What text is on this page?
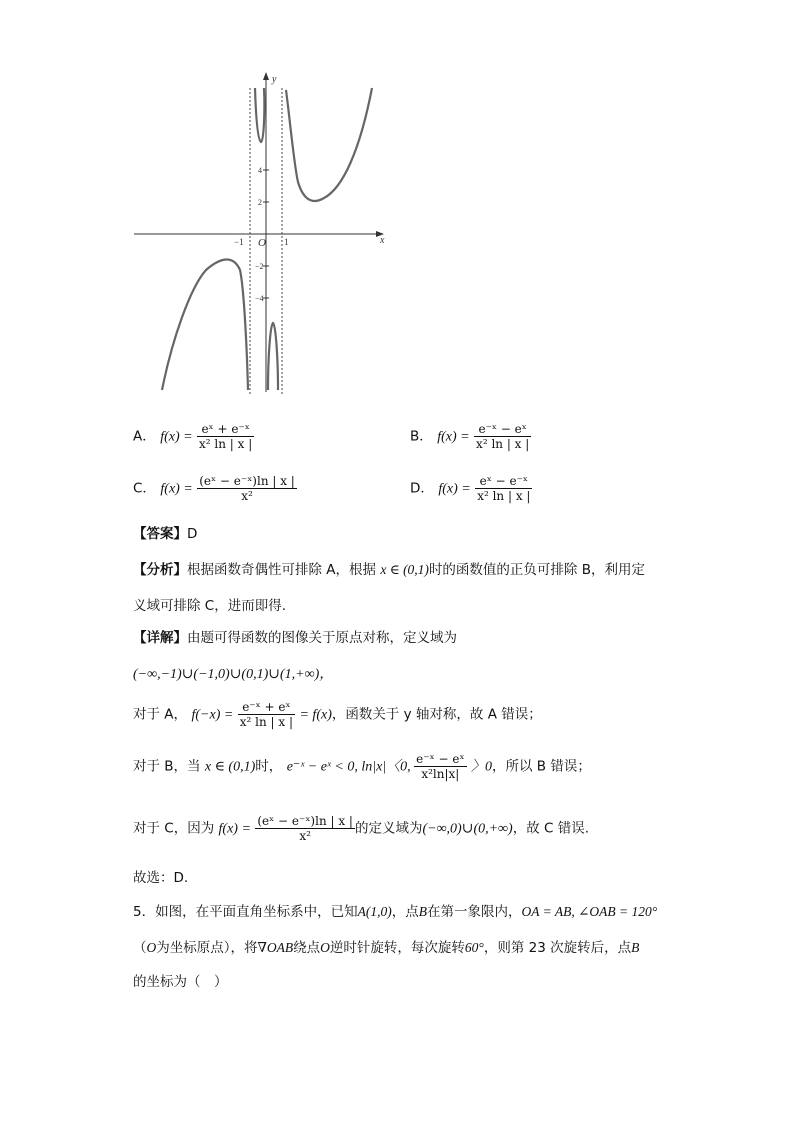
y
x
O
−1	1
4
2
−2
−4
A． $f(x) = \frac{\text{eˣ + e⁻ˣ}}{\text{x² ln | x |}}$	B． $f(x) = \frac{\text{e⁻ˣ − eˣ}}{\text{x² ln | x |}}$
C． $f(x) = \frac{\text{(eˣ − e⁻ˣ)ln | x |}}{\text{x²}}$	D． $f(x) = \frac{\text{eˣ − e⁻ˣ}}{\text{x² ln | x |}}$
【答案】D
【分析】根据函数奇偶性可排除 A，根据 x ∈ (0,1)时的函数值的正负可排除 B，利用定
义域可排除 C，进而即得.
【详解】由题可得函数的图像关于原点对称，定义域为
(−∞,−1)∪(−1,0)∪(0,1)∪(1,+∞)，
对于 A， $f(-x) = \frac{\text{e⁻ˣ + eˣ}}{\text{x² ln | x |}} = f(x)$，函数关于 y 轴对称，故 A 错误；
对于 B，当 x ∈ (0,1)时， e⁻ˣ − eˣ < 0, ln|x|〈0, $\frac{\text{e⁻ˣ − eˣ}}{\text{x²ln|x|}}$ 〉0，所以 B 错误；
对于 C，因为 $f(x) = \frac{\text{(eˣ − e⁻ˣ)ln | x |}}{\text{x²}}$ 的定义域为(−∞,0)∪(0,+∞)，故 C 错误.
故选：D.
5．如图，在平面直角坐标系中，已知A(1,0)，点B在第一象限内，OA = AB, ∠OAB = 120°
（O为坐标原点），将∇OAB绕点O逆时针旋转，每次旋转60°，则第 23 次旋转后，点B
的坐标为（　）
